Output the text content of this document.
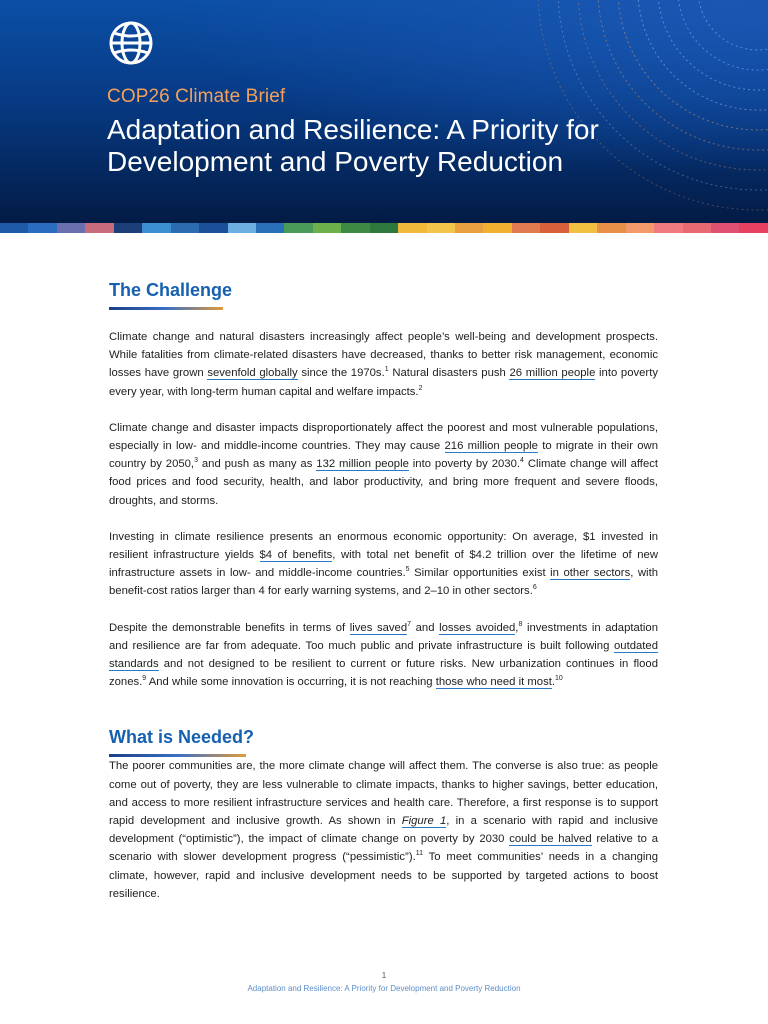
COP26 Climate Brief
Adaptation and Resilience: A Priority for Development and Poverty Reduction
The Challenge

Climate change and natural disasters increasingly affect people’s well-being and development prospects. While fatalities from climate-related disasters have decreased, thanks to better risk management, economic losses have grown sevenfold globally since the 1970s.$^1$ Natural disasters push 26 million people into poverty every year, with long-term human capital and welfare impacts.$^2$

Climate change and disaster impacts disproportionately affect the poorest and most vulnerable populations, especially in low- and middle-income countries. They may cause 216 million people to migrate in their own country by 2050,$^3$ and push as many as 132 million people into poverty by 2030.$^4$ Climate change will affect food prices and food security, health, and labor productivity, and bring more frequent and severe floods, droughts, and storms.

Investing in climate resilience presents an enormous economic opportunity: On average, $1 invested in resilient infrastructure yields $4 of benefits, with total net benefit of $4.2 trillion over the lifetime of new infrastructure assets in low- and middle-income countries.$^5$ Similar opportunities exist in other sectors, with benefit-cost ratios larger than 4 for early warning systems, and 2–10 in other sectors.$^6$

Despite the demonstrable benefits in terms of lives saved$^7$ and losses avoided,$^8$ investments in adaptation and resilience are far from adequate. Too much public and private infrastructure is built following outdated standards and not designed to be resilient to current or future risks. New urbanization continues in flood zones.$^9$ And while some innovation is occurring, it is not reaching those who need it most.$^{10}$

What is Needed?

The poorer communities are, the more climate change will affect them. The converse is also true: as people come out of poverty, they are less vulnerable to climate impacts, thanks to higher savings, better education, and access to more resilient infrastructure services and health care. Therefore, a first response is to support rapid development and inclusive growth. As shown in Figure 1, in a scenario with rapid and inclusive development (“optimistic”), the impact of climate change on poverty by 2030 could be halved relative to a scenario with slower development progress (“pessimistic”).$^{11}$ To meet communities’ needs in a changing climate, however, rapid and inclusive development needs to be supported by targeted actions to boost resilience.

1
Adaptation and Resilience: A Priority for Development and Poverty Reduction
